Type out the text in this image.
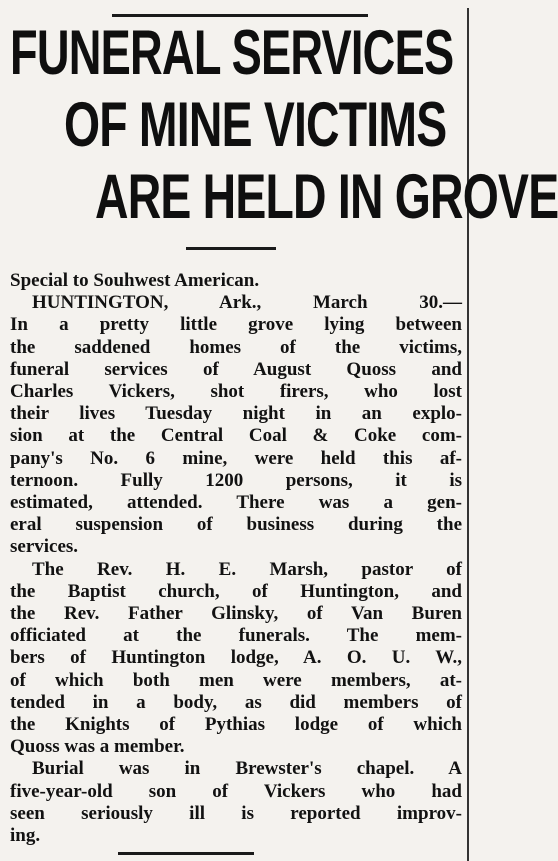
FUNERAL SERVICES
OF MINE VICTIMS
ARE HELD IN GROVE
Special to Souhwest American.
HUNTINGTON, Ark., March 30.—
In a pretty little grove lying between
the saddened homes of the victims,
funeral services of August Quoss and
Charles Vickers, shot firers, who lost
their lives Tuesday night in an explo-
sion at the Central Coal & Coke com-
pany's No. 6 mine, were held this af-
ternoon. Fully 1200 persons, it is
estimated, attended. There was a gen-
eral suspension of business during the
services.
The Rev. H. E. Marsh, pastor of
the Baptist church, of Huntington, and
the Rev. Father Glinsky, of Van Buren
officiated at the funerals. The mem-
bers of Huntington lodge, A. O. U. W.,
of which both men were members, at-
tended in a body, as did members of
the Knights of Pythias lodge of which
Quoss was a member.
Burial was in Brewster's chapel. A
five-year-old son of Vickers who had
seen seriously ill is reported improv-
ing.
